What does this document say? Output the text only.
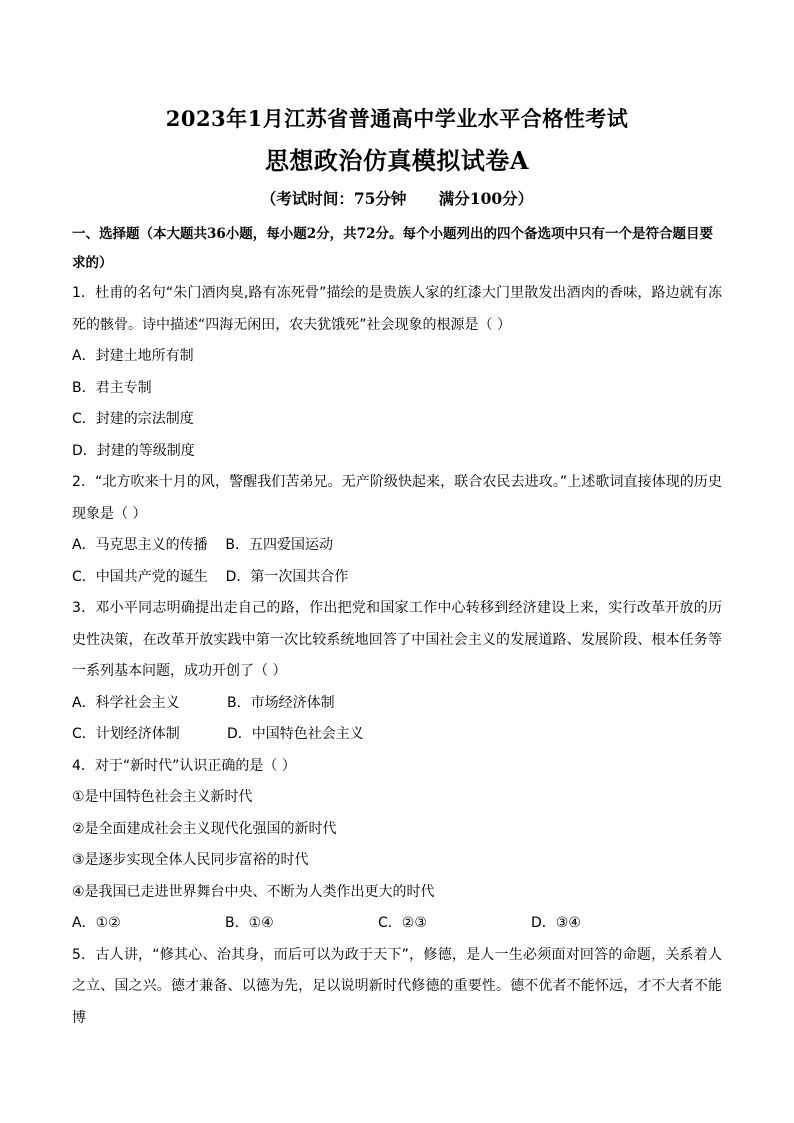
2023年1月江苏省普通高中学业水平合格性考试
思想政治仿真模拟试卷A
（考试时间：75分钟      满分100分）
一、选择题（本大题共36小题，每小题2分，共72分。每个小题列出的四个备选项中只有一个是符合题目要求的）
1．杜甫的名句“朱门酒肉臭,路有冻死骨”描绘的是贵族人家的红漆大门里散发出酒肉的香味，路边就有冻死的骸骨。诗中描述“四海无闲田，农夫犹饿死”社会现象的根源是（ ）
A．封建土地所有制
B．君主专制
C．封建的宗法制度
D．封建的等级制度
2．“北方吹来十月的风，警醒我们苦弟兄。无产阶级快起来，联合农民去进攻。”上述歌词直接体现的历史现象是（ ）
A．马克思主义的传播    B．五四爱国运动
C．中国共产党的诞生    D．第一次国共合作
3．邓小平同志明确提出走自己的路，作出把党和国家工作中心转移到经济建设上来，实行改革开放的历史性决策，在改革开放实践中第一次比较系统地回答了中国社会主义的发展道路、发展阶段、根本任务等一系列基本问题，成功开创了（ ）
A．科学社会主义	B．市场经济体制
C．计划经济体制	D．中国特色社会主义
4．对于“新时代”认识正确的是（ ）
①是中国特色社会主义新时代
②是全面建成社会主义现代化强国的新时代
③是逐步实现全体人民同步富裕的时代
④是我国已走进世界舞台中央、不断为人类作出更大的时代
A．①②	B．①④	C．②③	D．③④
5．古人讲，“修其心、治其身，而后可以为政于天下”，修德，是人一生必须面对回答的命题，关系着人之立、国之兴。德才兼备、以德为先，足以说明新时代修德的重要性。德不优者不能怀远，才不大者不能博
